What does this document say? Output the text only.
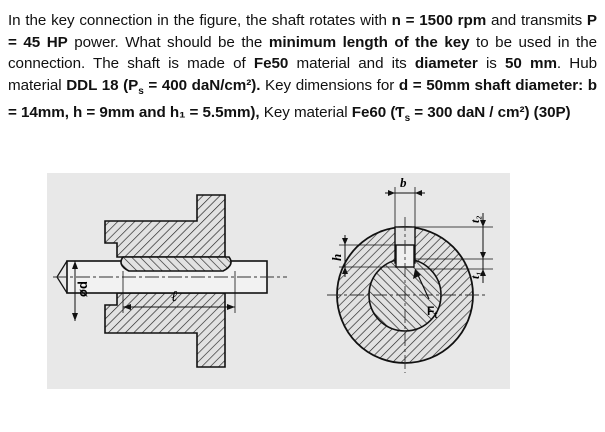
In the key connection in the figure, the shaft rotates with n = 1500 rpm and transmits P = 45 HP power. What should be the minimum length of the key to be used in the connection. The shaft is made of Fe50 material and its diameter is 50 mm. Hub material DDL 18 ($P_s = 400$ daN/cm²). Key dimensions for d = 50mm shaft diameter: b = 14mm, h = 9mm and h₁ = 5.5mm), Key material Fe60 ($Ƭ_s = 300$ daN / cm²) (30P)
ℓ
ød
b
h
t₂
t₁
$F_t$
